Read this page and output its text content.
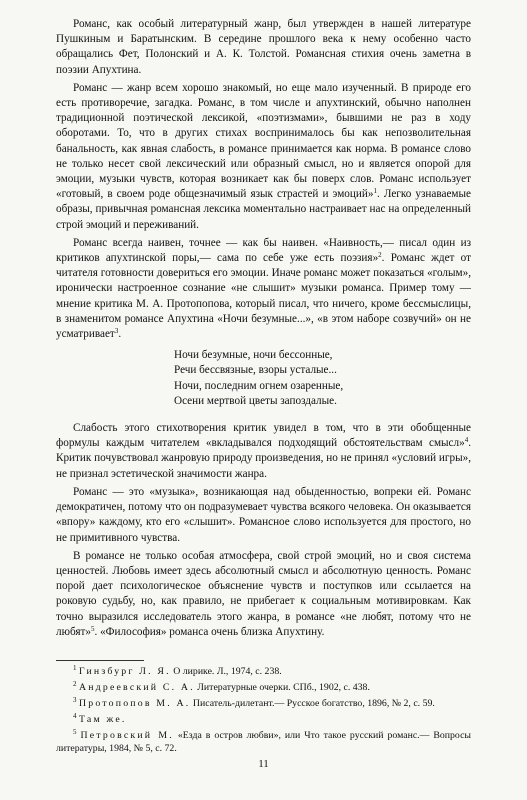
Романс, как особый литературный жанр, был утвержден в нашей литературе Пушкиным и Баратынским. В середине прошлого века к нему особенно часто обращались Фет, Полонский и А. К. Толстой. Романсная стихия очень заметна в поэзии Апухтина.

Романс — жанр всем хорошо знакомый, но еще мало изученный. В природе его есть противоречие, загадка. Романс, в том числе и апухтинский, обычно наполнен традиционной поэтической лексикой, «поэтизмами», бывшими не раз в ходу оборотами. То, что в других стихах воспринималось бы как непозволительная банальность, как явная слабость, в романсе принимается как норма. В романсе слово не только несет свой лексический или образный смысл, но и является опорой для эмоции, музыки чувств, которая возникает как бы поверх слов. Романс использует «готовый, в своем роде общезначимый язык страстей и эмоций»$^1$. Легко узнаваемые образы, привычная романсная лексика моментально настраивает нас на определенный строй эмоций и переживаний.

Романс всегда наивен, точнее — как бы наивен. «Наивность,— писал один из критиков апухтинской поры,— сама по себе уже есть поэзия»$^2$. Романс ждет от читателя готовности довериться его эмоции. Иначе романс может показаться «голым», иронически настроенное сознание «не слышит» музыки романса. Пример тому — мнение критика М. А. Протопопова, который писал, что ничего, кроме бессмыслицы, в знаменитом романсе Апухтина «Ночи безумные...», «в этом наборе созвучий» он не усматривает$^3$.

Ночи безумные, ночи бессонные,
Речи бессвязные, взоры усталые...
Ночи, последним огнем озаренные,
Осени мертвой цветы запоздалые.

Слабость этого стихотворения критик увидел в том, что в эти обобщенные формулы каждым читателем «вкладывался подходящий обстоятельствам смысл»$^4$. Критик почувствовал жанровую природу произведения, но не принял «условий игры», не признал эстетической значимости жанра.

Романс — это «музыка», возникающая над обыденностью, вопреки ей. Романс демократичен, потому что он подразумевает чувства всякого человека. Он оказывается «впору» каждому, кто его «слышит». Романсное слово используется для простого, но не примитивного чувства.

В романсе не только особая атмосфера, свой строй эмоций, но и своя система ценностей. Любовь имеет здесь абсолютный смысл и абсолютную ценность. Романс порой дает психологическое объяснение чувств и поступков или ссылается на роковую судьбу, но, как правило, не прибегает к социальным мотивировкам. Как точно выразился исследователь этого жанра, в романсе «не любят, потому что не любят»$^5$. «Философия» романса очень близка Апухтину.

$^1$ Гинзбург Л. Я. О лирике. Л., 1974, с. 238.

$^2$ Андреевский С. А. Литературные очерки. СПб., 1902, с. 438.

$^3$ Протопопов М. А. Писатель-дилетант.— Русское богатство, 1896, № 2, с. 59.

$^4$ Там же.

$^5$ Петровский М. «Езда в остров любви», или Что такое русский романс.— Вопросы литературы, 1984, № 5, с. 72.

11
